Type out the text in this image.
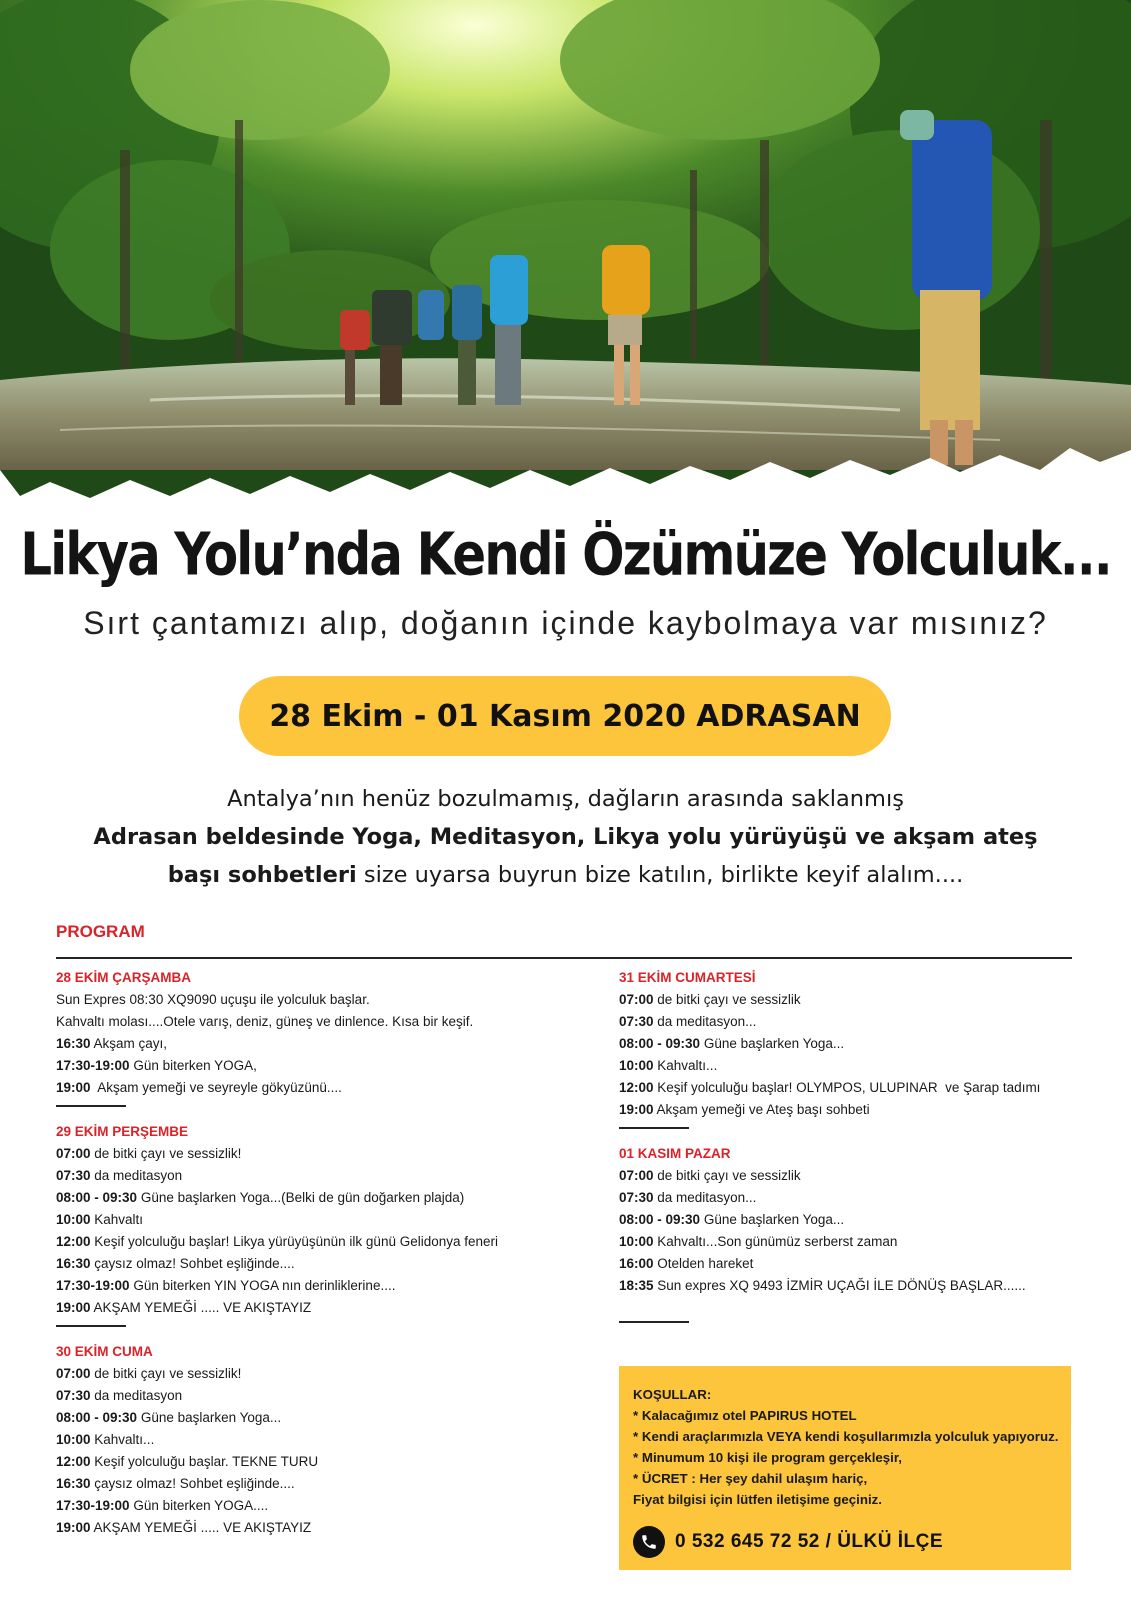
Likya Yolu’nda Kendi Özümüze Yolculuk...
Sırt çantamızı alıp, doğanın içinde kaybolmaya var mısınız?
28 Ekim - 01 Kasım 2020 ADRASAN
Antalya’nın henüz bozulmamış, dağların arasında saklanmış
Adrasan beldesinde Yoga, Meditasyon, Likya yolu yürüyüşü ve akşam ateş
başı sohbetleri size uyarsa buyrun bize katılın, birlikte keyif alalım....
PROGRAM
28 EKİM ÇARŞAMBA
Sun Expres 08:30 XQ9090 uçuşu ile yolculuk başlar.
Kahvaltı molası....Otele varış, deniz, güneş ve dinlence. Kısa bir keşif.
16:30 Akşam çayı,
17:30-19:00 Gün biterken YOGA,
19:00  Akşam yemeği ve seyreyle gökyüzünü....
29 EKİM PERŞEMBE
07:00 de bitki çayı ve sessizlik!
07:30 da meditasyon
08:00 - 09:30 Güne başlarken Yoga...(Belki de gün doğarken plajda)
10:00 Kahvaltı
12:00 Keşif yolculuğu başlar! Likya yürüyüşünün ilk günü Gelidonya feneri
16:30 çaysız olmaz! Sohbet eşliğinde....
17:30-19:00 Gün biterken YIN YOGA nın derinliklerine....
19:00 AKŞAM YEMEĞİ ..... VE AKIŞTAYIZ
30 EKİM CUMA
07:00 de bitki çayı ve sessizlik!
07:30 da meditasyon
08:00 - 09:30 Güne başlarken Yoga...
10:00 Kahvaltı...
12:00 Keşif yolculuğu başlar. TEKNE TURU
16:30 çaysız olmaz! Sohbet eşliğinde....
17:30-19:00 Gün biterken YOGA....
19:00 AKŞAM YEMEĞİ ..... VE AKIŞTAYIZ
31 EKİM CUMARTESİ
07:00 de bitki çayı ve sessizlik
07:30 da meditasyon...
08:00 - 09:30 Güne başlarken Yoga...
10:00 Kahvaltı...
12:00 Keşif yolculuğu başlar! OLYMPOS, ULUPINAR  ve Şarap tadımı
19:00 Akşam yemeği ve Ateş başı sohbeti
01 KASIM PAZAR
07:00 de bitki çayı ve sessizlik
07:30 da meditasyon...
08:00 - 09:30 Güne başlarken Yoga...
10:00 Kahvaltı...Son günümüz serberst zaman
16:00 Otelden hareket
18:35 Sun expres XQ 9493 İZMİR UÇAĞI İLE DÖNÜŞ BAŞLAR......
KOŞULLAR:
* Kalacağımız otel PAPIRUS HOTEL
* Kendi araçlarımızla VEYA kendi koşullarımızla yolculuk yapıyoruz.
* Minumum 10 kişi ile program gerçekleşir,
* ÜCRET : Her şey dahil ulaşım hariç,
Fiyat bilgisi için lütfen iletişime geçiniz.
0 532 645 72 52 / ÜLKÜ İLÇE
